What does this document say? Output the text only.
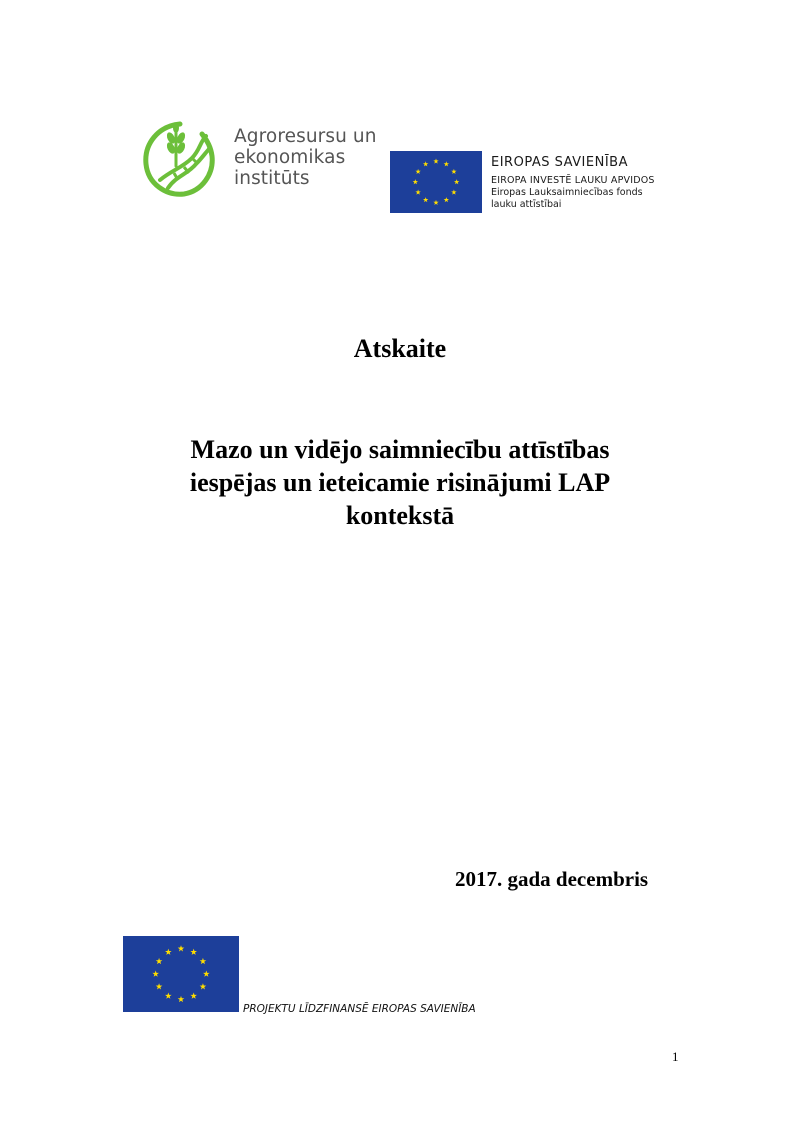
Agroresursu un
ekonomikas
institūts
EIROPAS SAVIENĪBA
EIROPA INVESTĒ LAUKU APVIDOS
Eiropas Lauksaimniecības fonds
lauku attīstībai
Atskaite
Mazo un vidējo saimniecību attīstības
iespējas un ieteicamie risinājumi LAP
kontekstā
2017. gada decembris
PROJEKTU LĪDZFINANSĒ EIROPAS SAVIENĪBA
1
